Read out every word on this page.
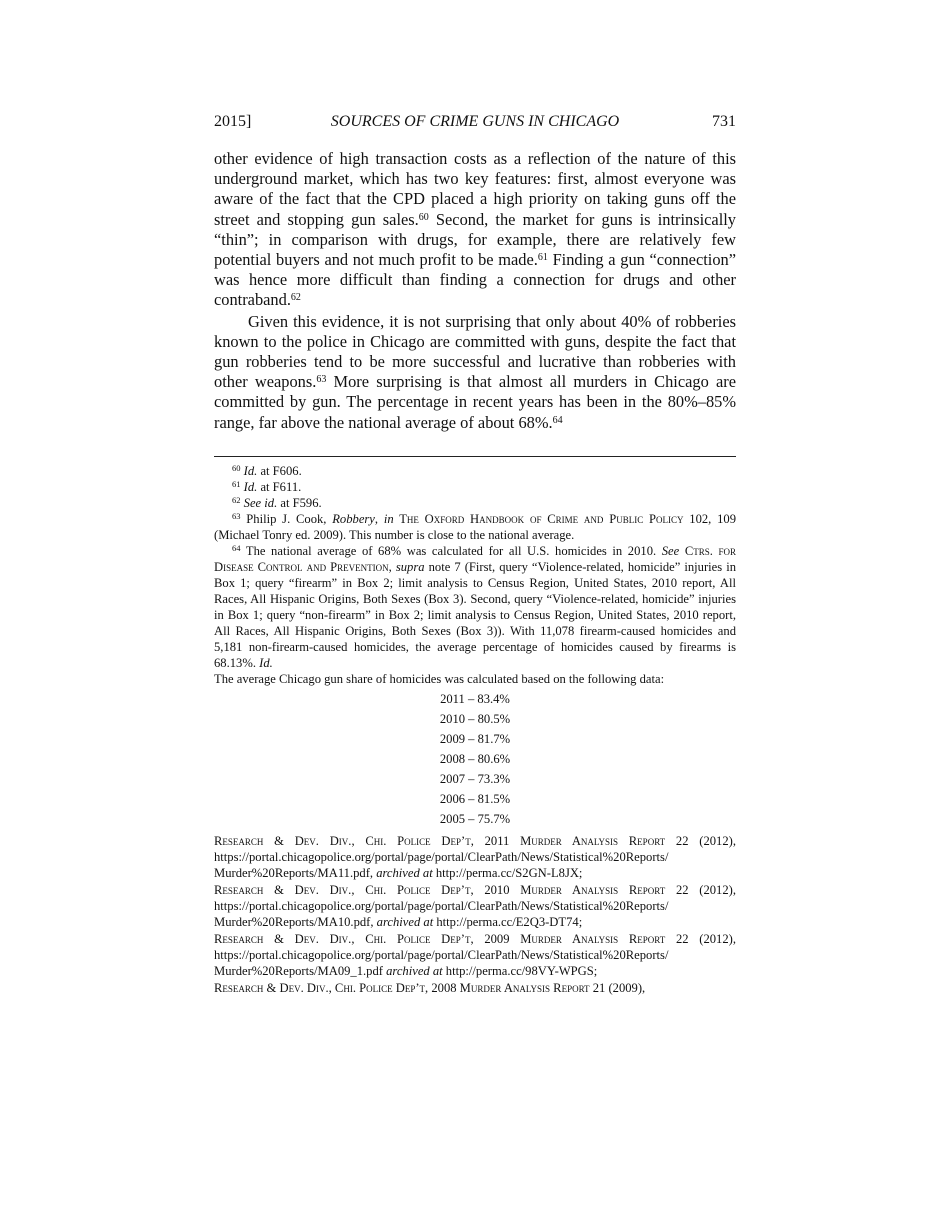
2015]	SOURCES OF CRIME GUNS IN CHICAGO	731

other evidence of high transaction costs as a reflection of the nature of this underground market, which has two key features: first, almost everyone was aware of the fact that the CPD placed a high priority on taking guns off the street and stopping gun sales.$^{60}$ Second, the market for guns is intrinsically “thin”; in comparison with drugs, for example, there are relatively few potential buyers and not much profit to be made.$^{61}$ Finding a gun “connection” was hence more difficult than finding a connection for drugs and other contraband.$^{62}$

Given this evidence, it is not surprising that only about 40% of robberies known to the police in Chicago are committed with guns, despite the fact that gun robberies tend to be more successful and lucrative than robberies with other weapons.$^{63}$ More surprising is that almost all murders in Chicago are committed by gun. The percentage in recent years has been in the 80%–85% range, far above the national average of about 68%.$^{64}$

$^{60}$ Id. at F606.

$^{61}$ Id. at F611.

$^{62}$ See id. at F596.

$^{63}$ Philip J. Cook, Robbery, in The Oxford Handbook of Crime and Public Policy 102, 109 (Michael Tonry ed. 2009). This number is close to the national average.

$^{64}$ The national average of 68% was calculated for all U.S. homicides in 2010. See Ctrs. for Disease Control and Prevention, supra note 7 (First, query “Violence-related, homicide” injuries in Box 1; query “firearm” in Box 2; limit analysis to Census Region, United States, 2010 report, All Races, All Hispanic Origins, Both Sexes (Box 3). Second, query “Violence-related, homicide” injuries in Box 1; query “non-firearm” in Box 2; limit analysis to Census Region, United States, 2010 report, All Races, All Hispanic Origins, Both Sexes (Box 3)). With 11,078 firearm-caused homicides and 5,181 non-firearm-caused homicides, the average percentage of homicides caused by firearms is 68.13%. Id.

The average Chicago gun share of homicides was calculated based on the following data:

2011 – 83.4%
2010 – 80.5%
2009 – 81.7%
2008 – 80.6%
2007 – 73.3%
2006 – 81.5%
2005 – 75.7%

Research & Dev. Div., Chi. Police Dep’t, 2011 Murder Analysis Report 22 (2012), https://portal.chicagopolice.org/portal/page/portal/ClearPath/News/Statistical%20Reports/ Murder%20Reports/MA11.pdf, archived at http://perma.cc/S2GN-L8JX;

Research & Dev. Div., Chi. Police Dep’t, 2010 Murder Analysis Report 22 (2012), https://portal.chicagopolice.org/portal/page/portal/ClearPath/News/Statistical%20Reports/ Murder%20Reports/MA10.pdf, archived at http://perma.cc/E2Q3-DT74;

Research & Dev. Div., Chi. Police Dep’t, 2009 Murder Analysis Report 22 (2012), https://portal.chicagopolice.org/portal/page/portal/ClearPath/News/Statistical%20Reports/ Murder%20Reports/MA09_1.pdf archived at http://perma.cc/98VY-WPGS;

Research & Dev. Div., Chi. Police Dep’t, 2008 Murder Analysis Report 21 (2009),
